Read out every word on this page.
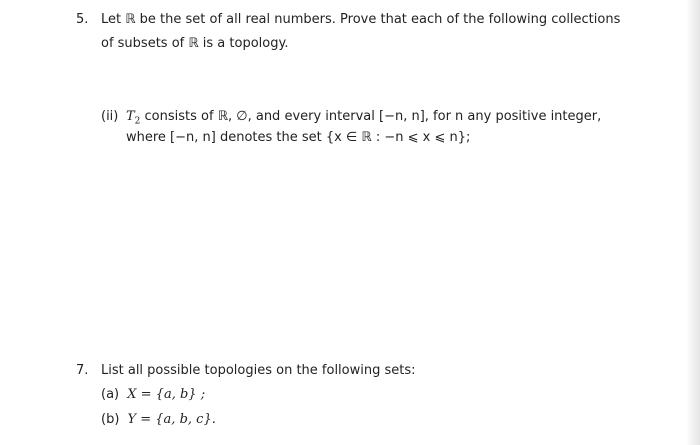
5. Let ℝ be the set of all real numbers. Prove that each of the following collections
of subsets of ℝ is a topology.
(ii) $T_2$ consists of ℝ, ∅, and every interval [−n, n], for n any positive integer,
where [−n, n] denotes the set {x ∈ ℝ : −n ⩽ x ⩽ n};
7. List all possible topologies on the following sets:
(a) X = {a, b} ;
(b) Y = {a, b, c}.
